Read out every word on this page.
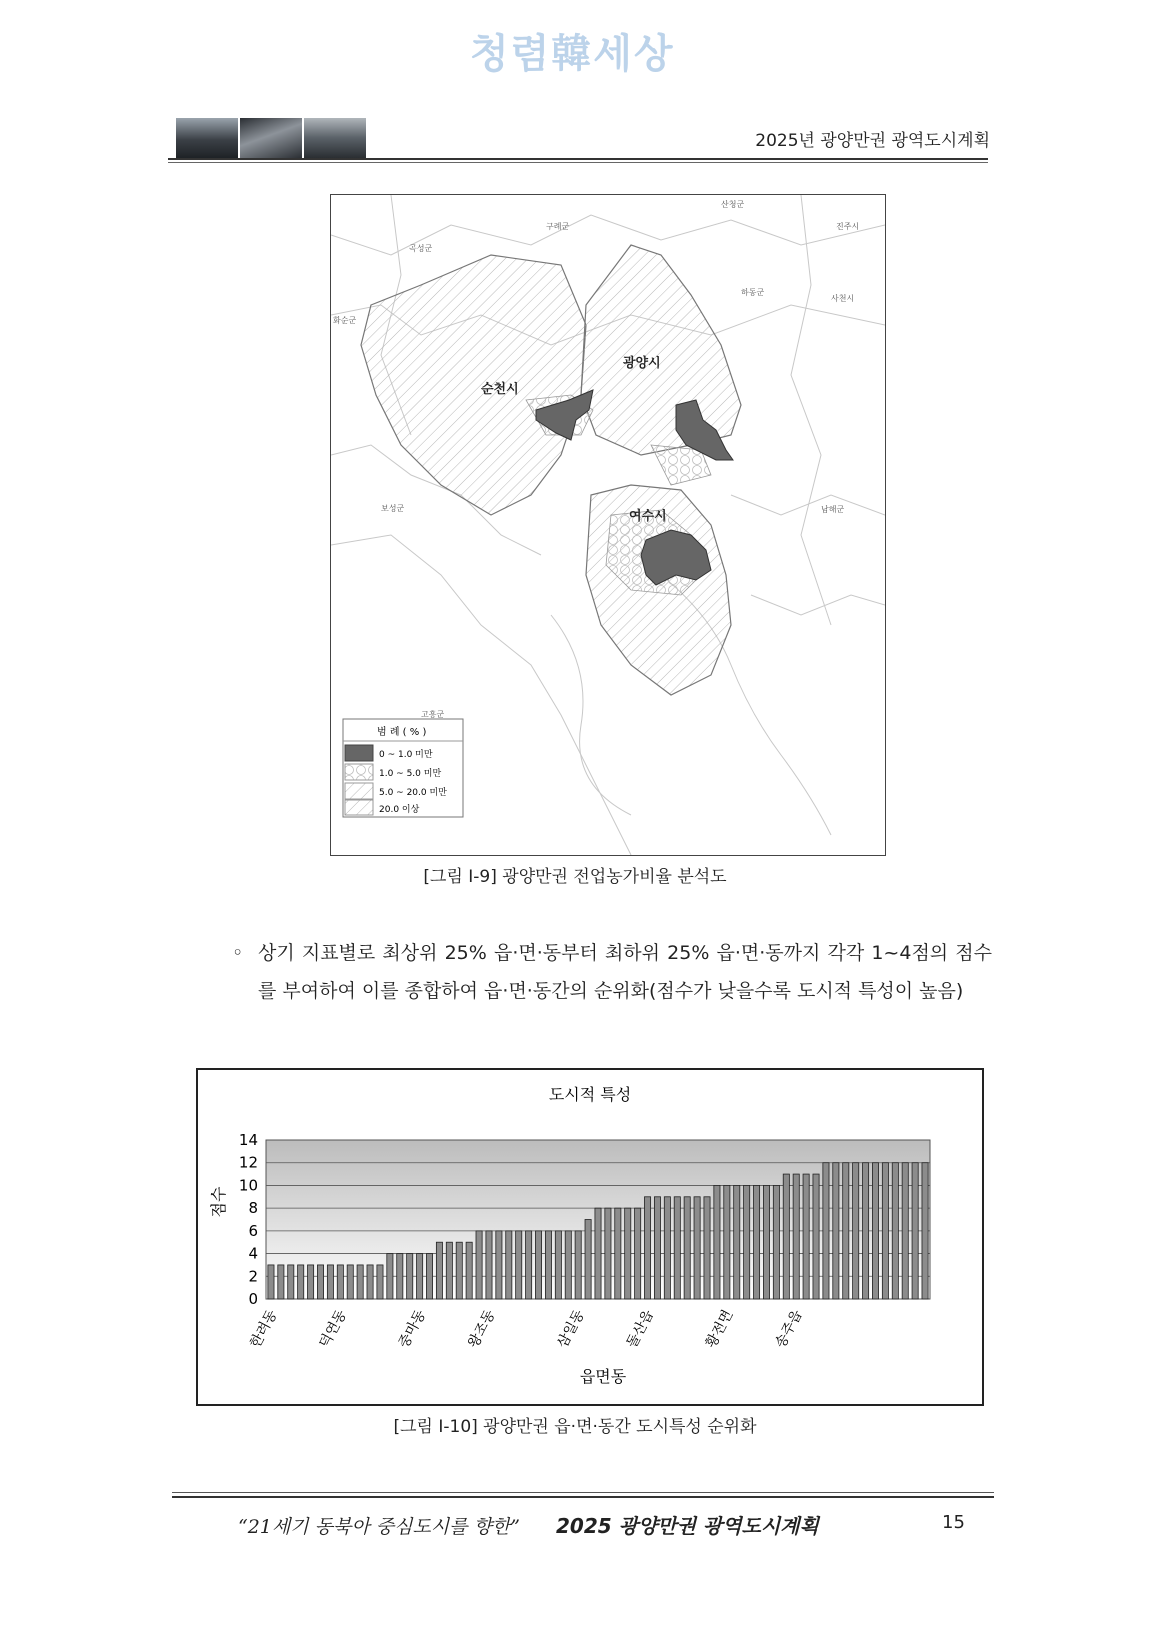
청렴韓세상
2025년 광양만권 광역도시계획
순천시
광양시
여수시
산청군
구례군	진주시
곡성군
하동군
사천시
화순군
보성군	남해군
고흥군
범 례 ( % )
0 ~ 1.0 미만
1.0 ~ 5.0 미만
5.0 ~ 20.0 미만
20.0 이상
[그림 Ⅰ-9] 광양만권 전업농가비율 분석도
◦ 상기 지표별로 최상위 25% 읍·면·동부터 최하위 25% 읍·면·동까지 각각 1~4점의 점수를 부여하여 이를 종합하여 읍·면·동간의 순위화(점수가 낮을수록 도시적 특성이 높음)
도시적 특성
읍면동
점수
0
2
4
6
8
10
12
14
한려동	덕연동	중마동	왕조동	삼일동	돌산읍	황전면	송주읍
[그림 Ⅰ-10] 광양만권 읍·면·동간 도시특성 순위화
“21세기 동북아 중심도시를 향한” 2025 광양만권 광역도시계획	15
